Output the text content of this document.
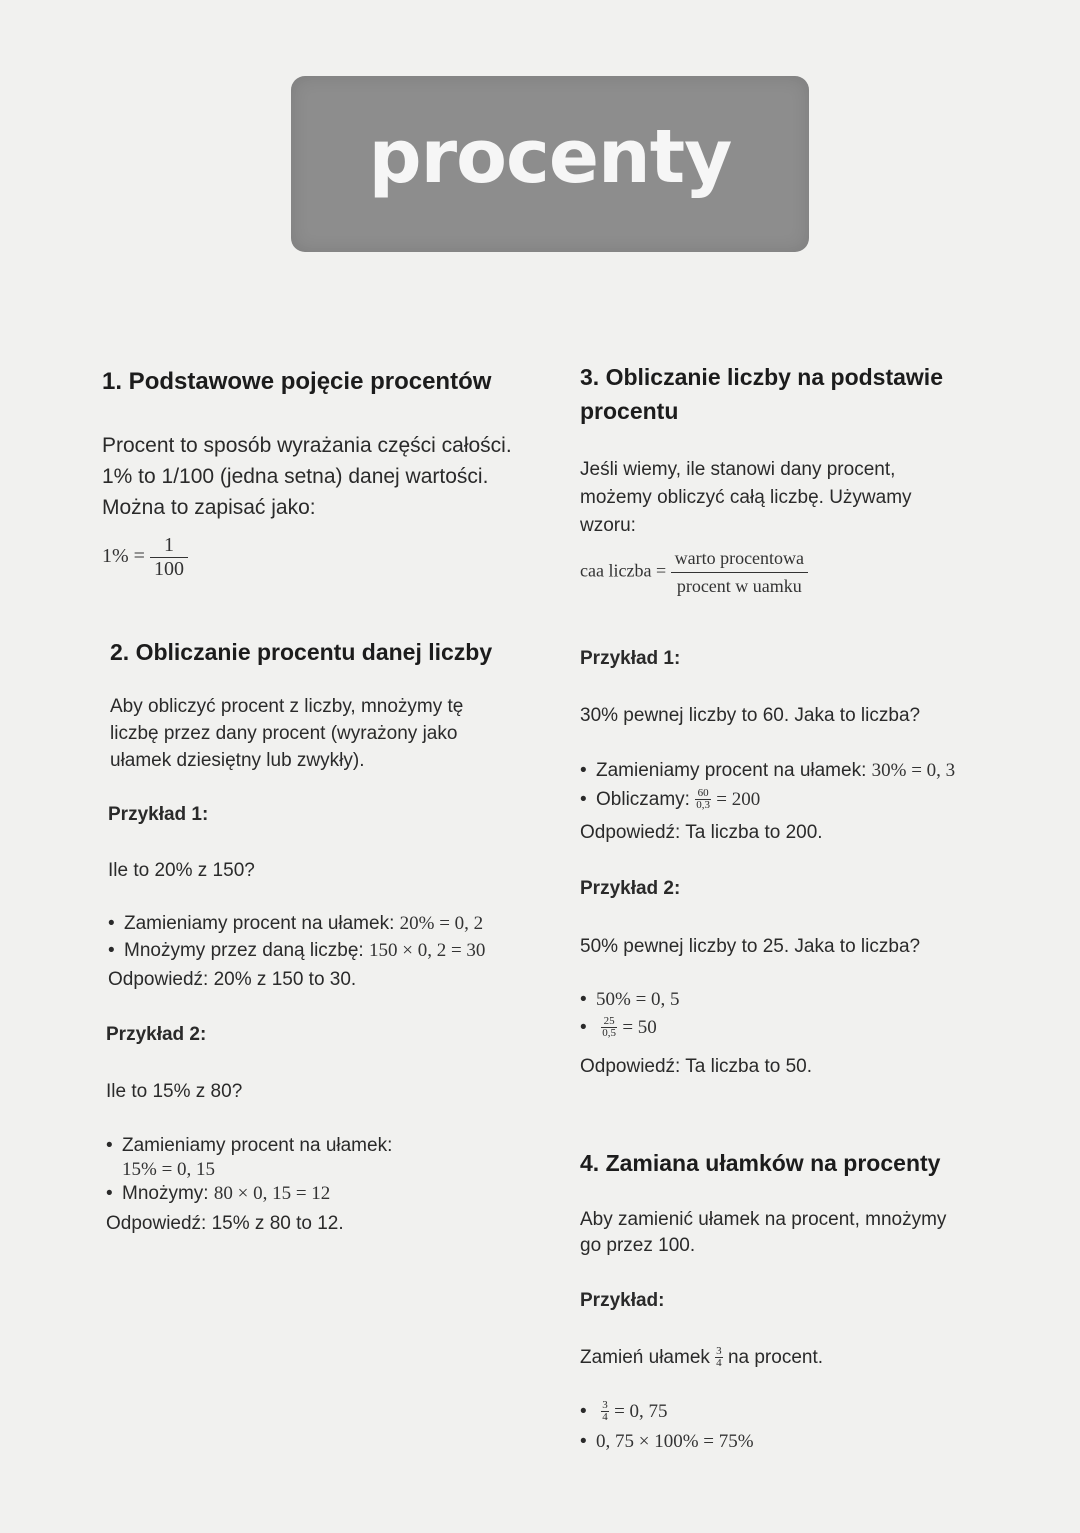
procenty
1. Podstawowe pojęcie procentów
Procent to sposób wyrażania części całości.
1% to 1/100 (jedna setna) danej wartości.
Można to zapisać jako:
$1\% = \frac{1}{100}$
2. Obliczanie procentu danej liczby
Aby obliczyć procent z liczby, mnożymy tę
liczbę przez dany procent (wyrażony jako
ułamek dziesiętny lub zwykły).
Przykład 1:
Ile to 20% z 150?
• Zamieniamy procent na ułamek: 20% = 0, 2
• Mnożymy przez daną liczbę: 150 × 0, 2 = 30
Odpowiedź: 20% z 150 to 30.
Przykład 2:
Ile to 15% z 80?
• Zamieniamy procent na ułamek:
15% = 0, 15
• Mnożymy: 80 × 0, 15 = 12
Odpowiedź: 15% z 80 to 12.
3. Obliczanie liczby na podstawie
procentu
Jeśli wiemy, ile stanowi dany procent,
możemy obliczyć całą liczbę. Używamy
wzoru:
caa liczba = $\frac{\text{warto procentowa}}{\text{procent w uamku}}$
Przykład 1:
30% pewnej liczby to 60. Jaka to liczba?
• Zamieniamy procent na ułamek: 30% = 0, 3
• Obliczamy: $\frac{60}{0,3} = 200$
Odpowiedź: Ta liczba to 200.
Przykład 2:
50% pewnej liczby to 25. Jaka to liczba?
• 50% = 0, 5
• $\frac{25}{0,5} = 50$
Odpowiedź: Ta liczba to 50.
4. Zamiana ułamków na procenty
Aby zamienić ułamek na procent, mnożymy
go przez 100.
Przykład:
Zamień ułamek $\frac{3}{4}$ na procent.
• $\frac{3}{4} = 0$, 75
• 0, 75 × 100% = 75%
